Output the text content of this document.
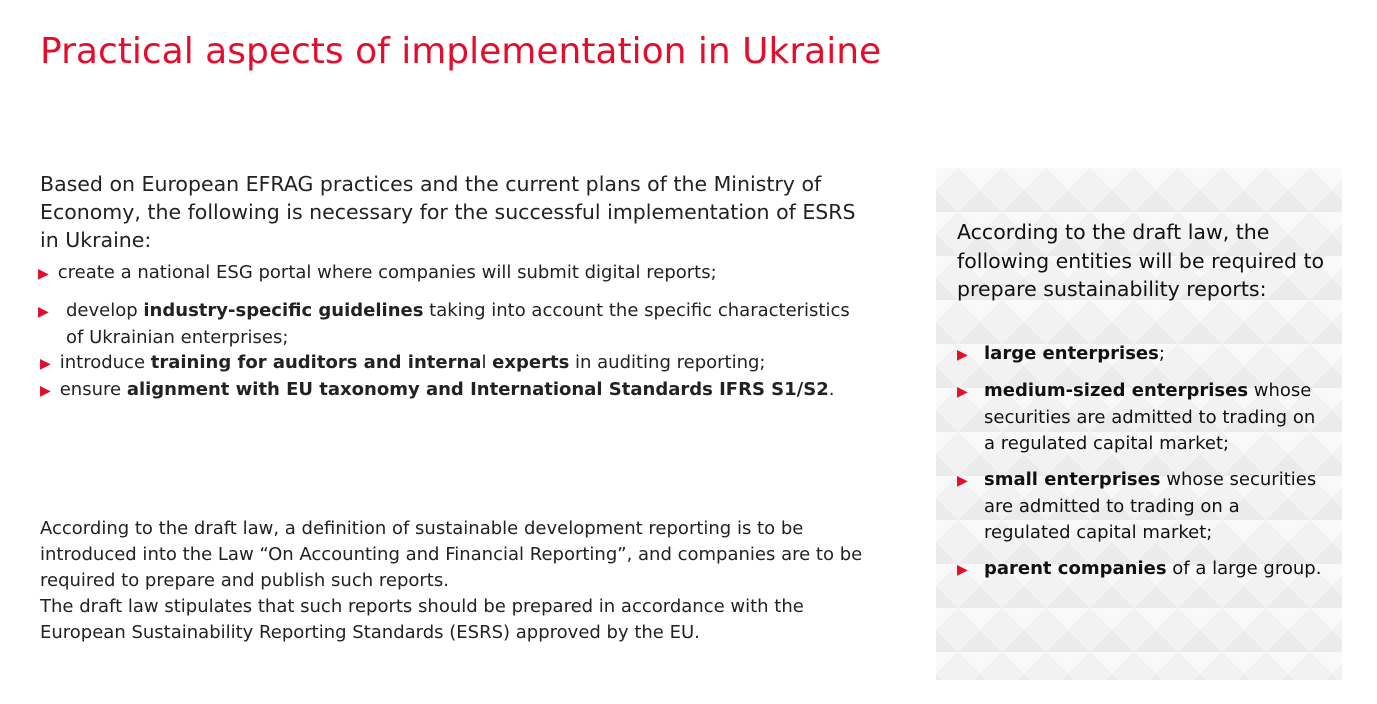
Practical aspects of implementation in Ukraine

Based on European EFRAG practices and the current plans of the Ministry of Economy, the following is necessary for the successful implementation of ESRS in Ukraine:

▶ create a national ESG portal where companies will submit digital reports;
▶ develop industry-specific guidelines taking into account the specific characteristics of Ukrainian enterprises;
▶ introduce training for auditors and internal experts in auditing reporting;
▶ ensure alignment with EU taxonomy and International Standards IFRS S1/S2.
According to the draft law, a definition of sustainable development reporting is to be introduced into the Law “On Accounting and Financial Reporting”, and companies are to be required to prepare and publish such reports.
The draft law stipulates that such reports should be prepared in accordance with the European Sustainability Reporting Standards (ESRS) approved by the EU.

According to the draft law, the following entities will be required to prepare sustainability reports:

▶ large enterprises;
▶ medium-sized enterprises whose securities are admitted to trading on a regulated capital market;
▶ small enterprises whose securities are admitted to trading on a regulated capital market;
▶ parent companies of a large group.
